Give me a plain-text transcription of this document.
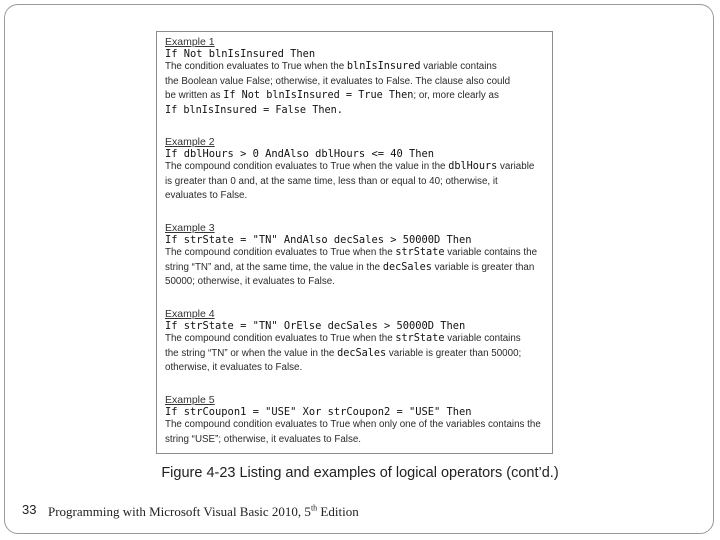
Example 1
If Not blnIsInsured Then
The condition evaluates to True when the blnIsInsured variable contains
the Boolean value False; otherwise, it evaluates to False. The clause also could
be written as If Not blnIsInsured = True Then; or, more clearly as
If blnIsInsured = False Then.
Example 2
If dblHours > 0 AndAlso dblHours <= 40 Then
The compound condition evaluates to True when the value in the dblHours variable
is greater than 0 and, at the same time, less than or equal to 40; otherwise, it
evaluates to False.
Example 3
If strState = "TN" AndAlso decSales > 50000D Then
The compound condition evaluates to True when the strState variable contains the
string “TN” and, at the same time, the value in the decSales variable is greater than
50000; otherwise, it evaluates to False.
Example 4
If strState = "TN" OrElse decSales > 50000D Then
The compound condition evaluates to True when the strState variable contains
the string “TN” or when the value in the decSales variable is greater than 50000;
otherwise, it evaluates to False.
Example 5
If strCoupon1 = "USE" Xor strCoupon2 = "USE" Then
The compound condition evaluates to True when only one of the variables contains the
string “USE”; otherwise, it evaluates to False.
Figure 4-23 Listing and examples of logical operators (cont’d.)
33 Programming with Microsoft Visual Basic 2010, 5th Edition
